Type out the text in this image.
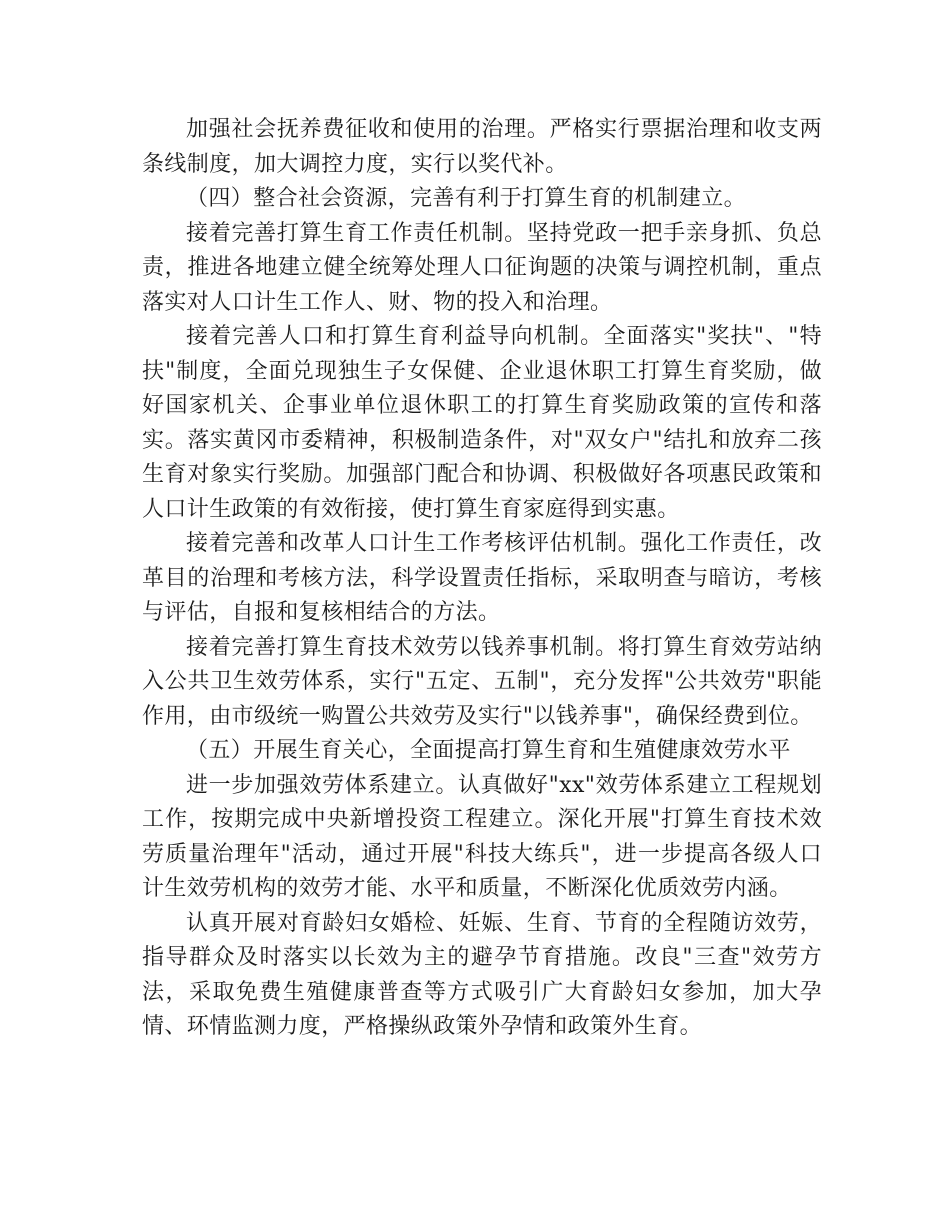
加强社会抚养费征收和使用的治理。严格实行票据治理和收支两条线制度，加大调控力度，实行以奖代补。

（四）整合社会资源，完善有利于打算生育的机制建立。

接着完善打算生育工作责任机制。坚持党政一把手亲身抓、负总责，推进各地建立健全统筹处理人口征询题的决策与调控机制，重点落实对人口计生工作人、财、物的投入和治理。

接着完善人口和打算生育利益导向机制。全面落实"奖扶"、"特扶"制度，全面兑现独生子女保健、企业退休职工打算生育奖励，做好国家机关、企事业单位退休职工的打算生育奖励政策的宣传和落实。落实黄冈市委精神，积极制造条件，对"双女户"结扎和放弃二孩生育对象实行奖励。加强部门配合和协调、积极做好各项惠民政策和人口计生政策的有效衔接，使打算生育家庭得到实惠。

接着完善和改革人口计生工作考核评估机制。强化工作责任，改革目的治理和考核方法，科学设置责任指标，采取明查与暗访，考核与评估，自报和复核相结合的方法。

接着完善打算生育技术效劳以钱养事机制。将打算生育效劳站纳入公共卫生效劳体系，实行"五定、五制"，充分发挥"公共效劳"职能作用，由市级统一购置公共效劳及实行"以钱养事"，确保经费到位。

（五）开展生育关心，全面提高打算生育和生殖健康效劳水平

进一步加强效劳体系建立。认真做好"xx"效劳体系建立工程规划工作，按期完成中央新增投资工程建立。深化开展"打算生育技术效劳质量治理年"活动，通过开展"科技大练兵"，进一步提高各级人口计生效劳机构的效劳才能、水平和质量，不断深化优质效劳内涵。

认真开展对育龄妇女婚检、妊娠、生育、节育的全程随访效劳，指导群众及时落实以长效为主的避孕节育措施。改良"三查"效劳方法，采取免费生殖健康普查等方式吸引广大育龄妇女参加，加大孕情、环情监测力度，严格操纵政策外孕情和政策外生育。
